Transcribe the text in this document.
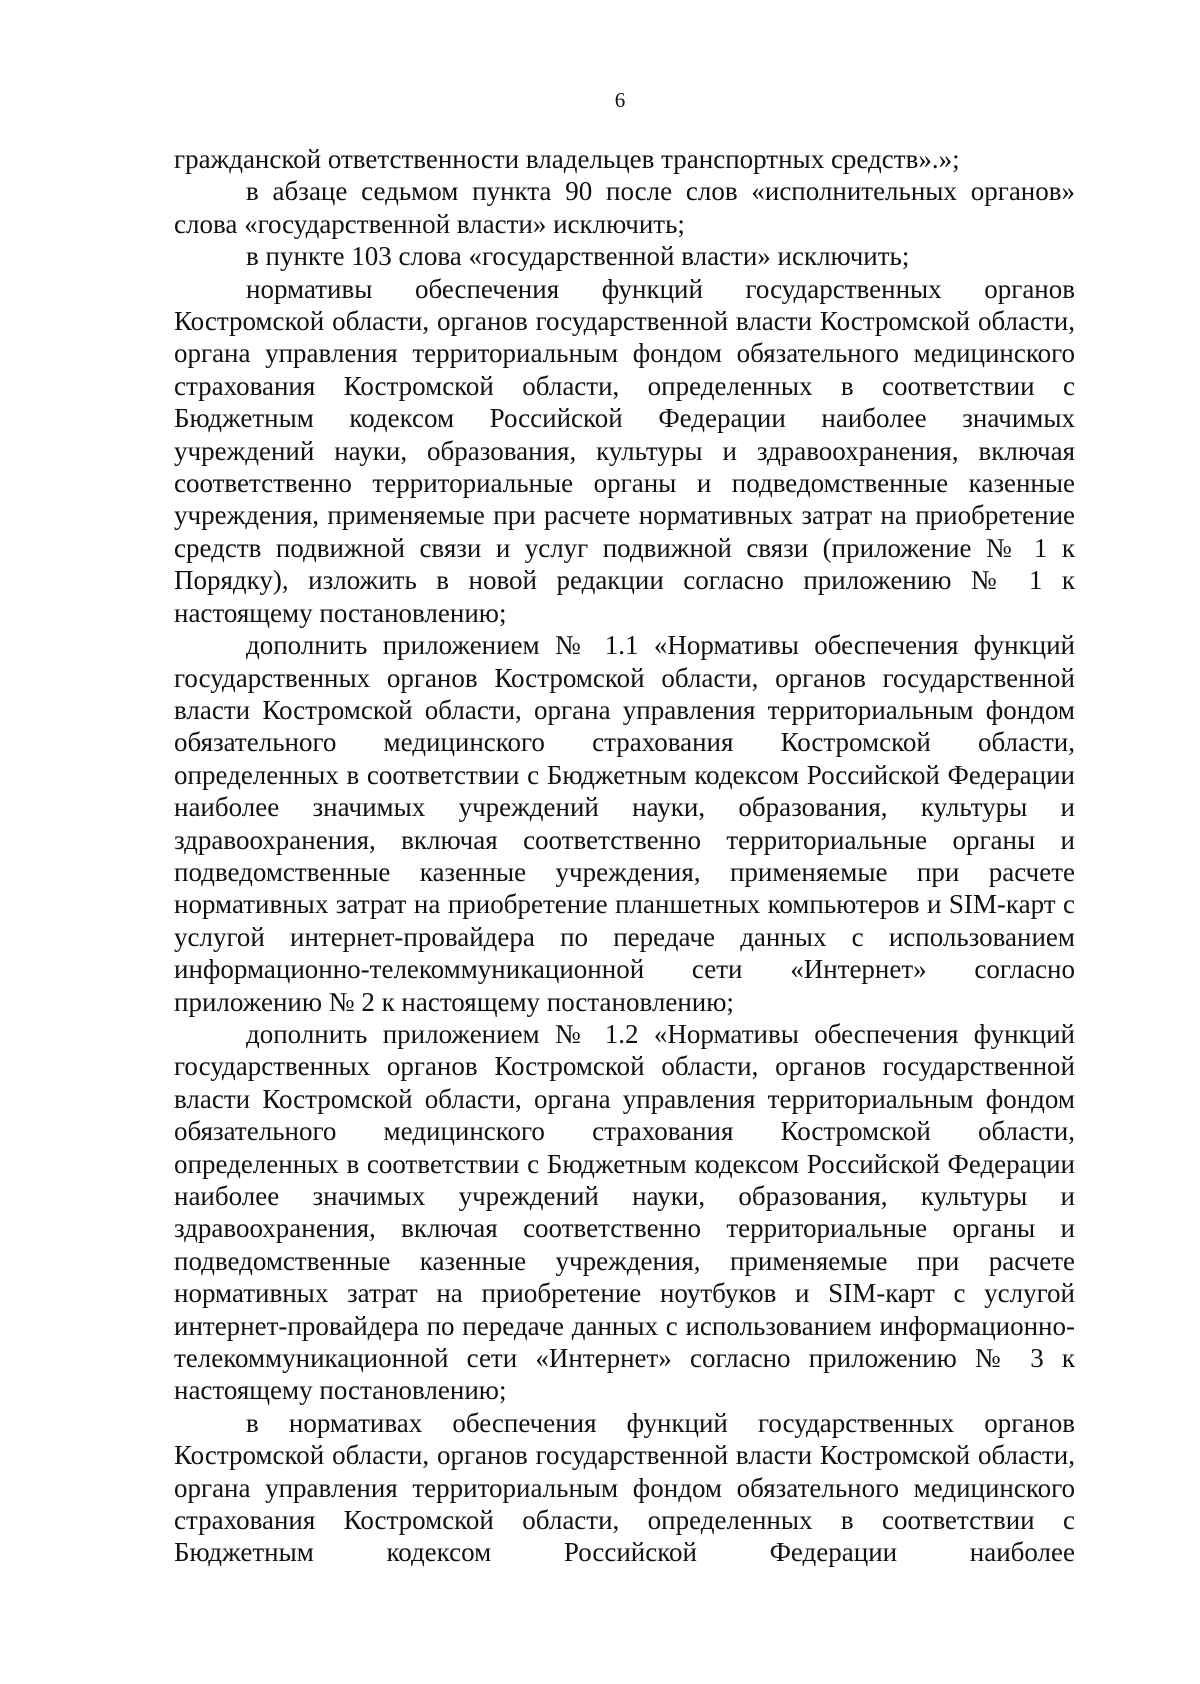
6

гражданской ответственности владельцев транспортных средств».»;

в абзаце седьмом пункта 90 после слов «исполнительных органов» слова «государственной власти» исключить;

в пункте 103 слова «государственной власти» исключить;

нормативы обеспечения функций государственных органов Костромской области, органов государственной власти Костромской области, органа управления территориальным фондом обязательного медицинского страхования Костромской области, определенных в соответствии с Бюджетным кодексом Российской Федерации наиболее значимых учреждений науки, образования, культуры и здравоохранения, включая соответственно территориальные органы и подведомственные казенные учреждения, применяемые при расчете нормативных затрат на приобретение средств подвижной связи и услуг подвижной связи (приложение № 1 к Порядку), изложить в новой редакции согласно приложению № 1 к настоящему постановлению;

дополнить приложением № 1.1 «Нормативы обеспечения функций государственных органов Костромской области, органов государственной власти Костромской области, органа управления территориальным фондом обязательного медицинского страхования Костромской области, определенных в соответствии с Бюджетным кодексом Российской Федерации наиболее значимых учреждений науки, образования, культуры и здравоохранения, включая соответственно территориальные органы и подведомственные казенные учреждения, применяемые при расчете нормативных затрат на приобретение планшетных компьютеров и SIM-карт с услугой интернет-провайдера по передаче данных с использованием информационно-телекоммуникационной сети «Интернет» согласно приложению № 2 к настоящему постановлению;

дополнить приложением № 1.2 «Нормативы обеспечения функций государственных органов Костромской области, органов государственной власти Костромской области, органа управления территориальным фондом обязательного медицинского страхования Костромской области, определенных в соответствии с Бюджетным кодексом Российской Федерации наиболее значимых учреждений науки, образования, культуры и здравоохранения, включая соответственно территориальные органы и подведомственные казенные учреждения, применяемые при расчете нормативных затрат на приобретение ноутбуков и SIM-карт с услугой интернет-провайдера по передаче данных с использованием информационно-телекоммуникационной сети «Интернет» согласно приложению № 3 к настоящему постановлению;

в нормативах обеспечения функций государственных органов Костромской области, органов государственной власти Костромской области, органа управления территориальным фондом обязательного медицинского страхования Костромской области, определенных в соответствии с Бюджетным кодексом Российской Федерации наиболее
